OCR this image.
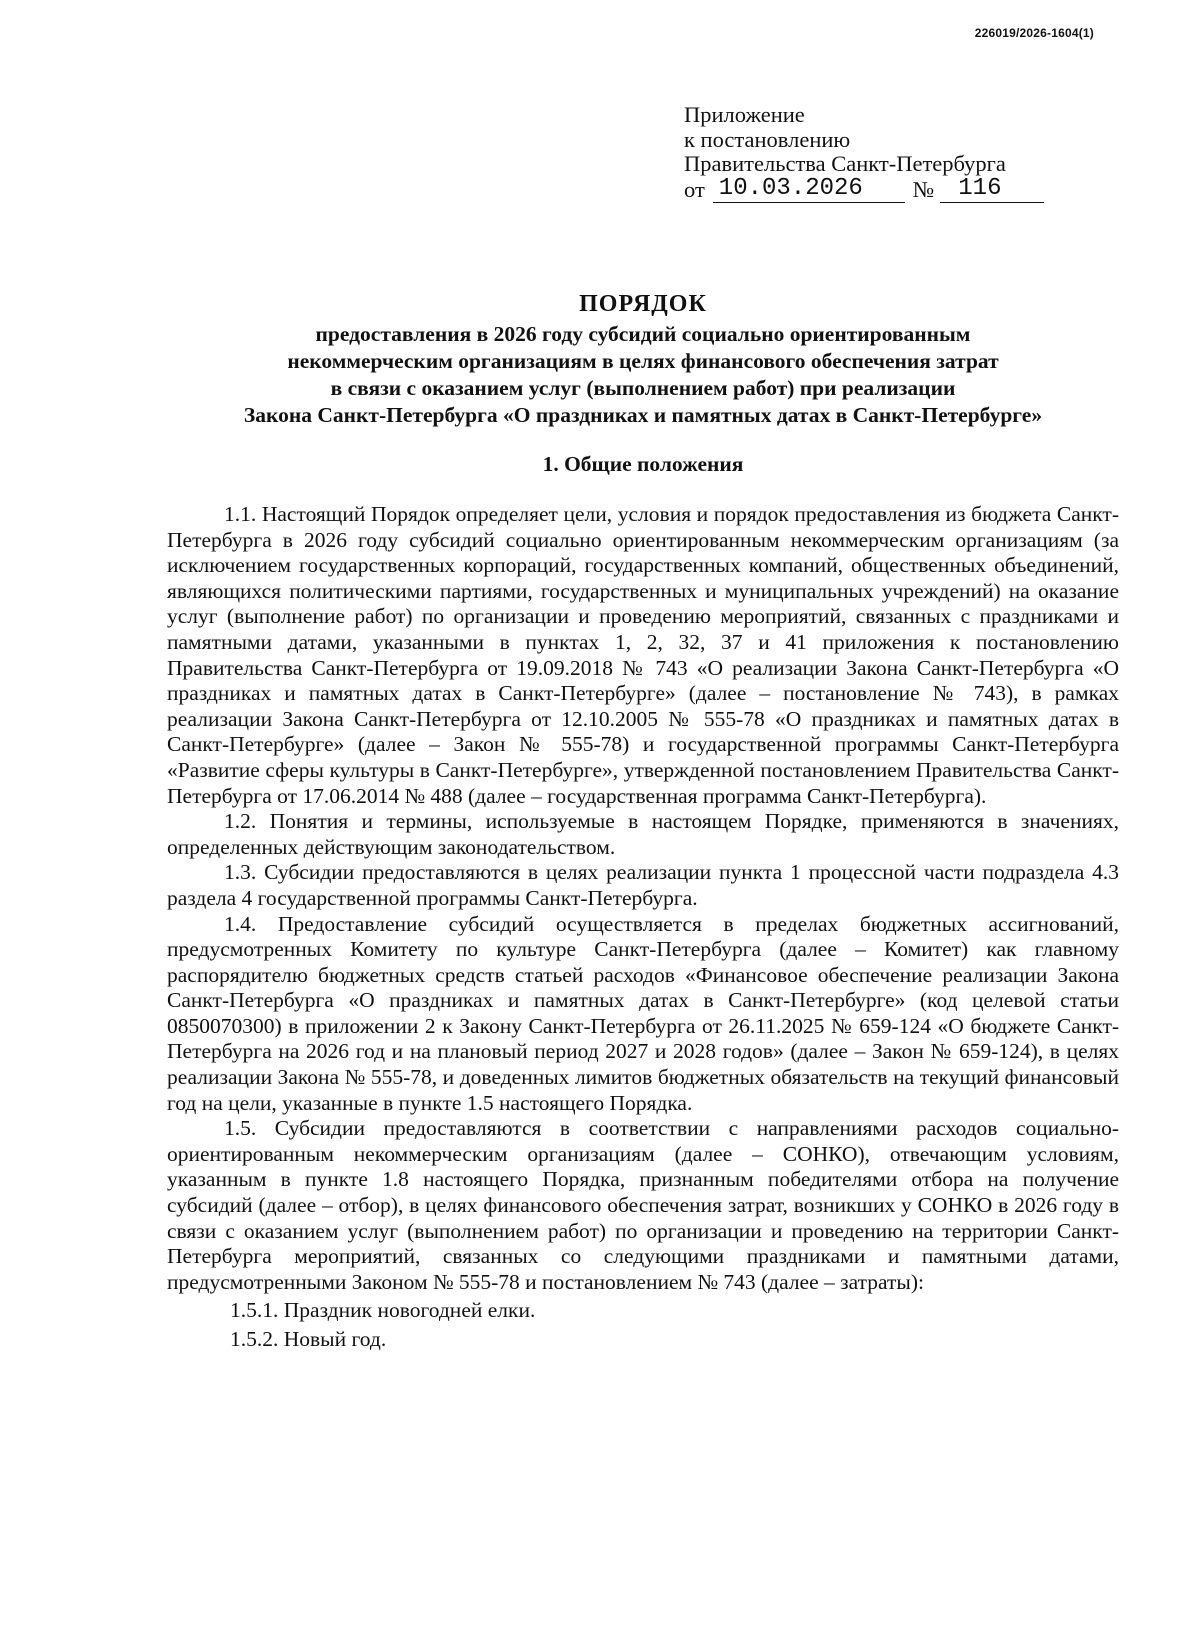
226019/2026-1604(1)
Приложение
к постановлению
Правительства Санкт-Петербурга
от 10.03.2026	№	116
ПОРЯДОК
предоставления в 2026 году субсидий социально ориентированным
некоммерческим организациям в целях финансового обеспечения затрат
в связи с оказанием услуг (выполнением работ) при реализации
Закона Санкт-Петербурга «О праздниках и памятных датах в Санкт-Петербурге»
1. Общие положения

1.1. Настоящий Порядок определяет цели, условия и порядок предоставления из бюджета Санкт-Петербурга в 2026 году субсидий социально ориентированным некоммерческим организациям (за исключением государственных корпораций, государственных компаний, общественных объединений, являющихся политическими партиями, государственных и муниципальных учреждений) на оказание услуг (выполнение работ) по организации и проведению мероприятий, связанных с праздниками и памятными датами, указанными в пунктах 1, 2, 32, 37 и 41 приложения к постановлению Правительства Санкт-Петербурга от 19.09.2018 № 743 «О реализации Закона Санкт-Петербурга «О праздниках и памятных датах в Санкт-Петербурге» (далее – постановление № 743), в рамках реализации Закона Санкт-Петербурга от 12.10.2005 № 555-78 «О праздниках и памятных датах в Санкт-Петербурге» (далее – Закон № 555-78) и государственной программы Санкт-Петербурга «Развитие сферы культуры в Санкт-Петербурге», утвержденной постановлением Правительства Санкт-Петербурга от 17.06.2014 № 488 (далее – государственная программа Санкт-Петербурга).

1.2. Понятия и термины, используемые в настоящем Порядке, применяются в значениях, определенных действующим законодательством.

1.3. Субсидии предоставляются в целях реализации пункта 1 процессной части подраздела 4.3 раздела 4 государственной программы Санкт-Петербурга.

1.4. Предоставление субсидий осуществляется в пределах бюджетных ассигнований, предусмотренных Комитету по культуре Санкт-Петербурга (далее – Комитет) как главному распорядителю бюджетных средств статьей расходов «Финансовое обеспечение реализации Закона Санкт-Петербурга «О праздниках и памятных датах в Санкт-Петербурге» (код целевой статьи 0850070300) в приложении 2 к Закону Санкт-Петербурга от 26.11.2025 № 659-124 «О бюджете Санкт-Петербурга на 2026 год и на плановый период 2027 и 2028 годов» (далее – Закон № 659-124), в целях реализации Закона № 555-78, и доведенных лимитов бюджетных обязательств на текущий финансовый год на цели, указанные в пункте 1.5 настоящего Порядка.

1.5. Субсидии предоставляются в соответствии с направлениями расходов социально-ориентированным некоммерческим организациям (далее – СОНКО), отвечающим условиям, указанным в пункте 1.8 настоящего Порядка, признанным победителями отбора на получение субсидий (далее – отбор), в целях финансового обеспечения затрат, возникших у СОНКО в 2026 году в связи с оказанием услуг (выполнением работ) по организации и проведению на территории Санкт-Петербурга мероприятий, связанных со следующими праздниками и памятными датами, предусмотренными Законом № 555-78 и постановлением № 743 (далее – затраты):

1.5.1. Праздник новогодней елки.

1.5.2. Новый год.
